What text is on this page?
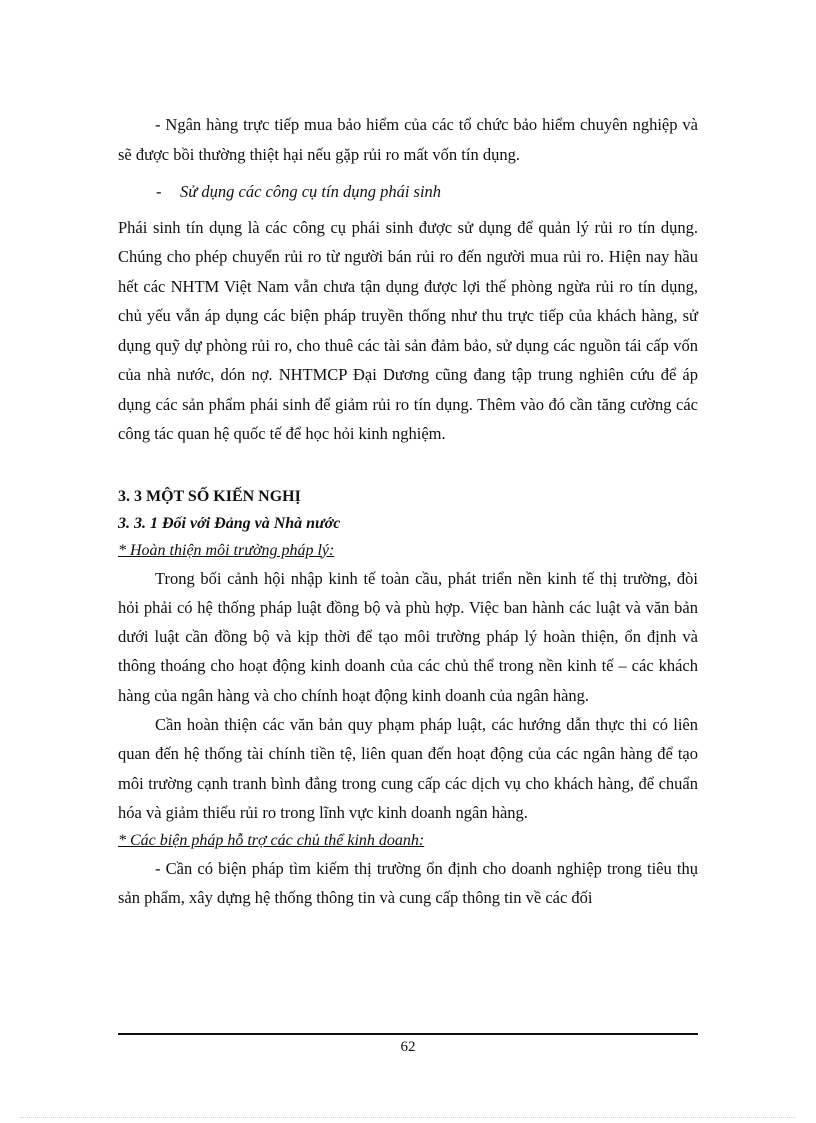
- Ngân hàng trực tiếp mua bảo hiểm của các tổ chức bảo hiểm chuyên nghiệp và sẽ được bồi thường thiệt hại nếu gặp rủi ro mất vốn tín dụng.

- Sử dụng các công cụ tín dụng phái sinh

Phái sinh tín dụng là các công cụ phái sinh được sử dụng để quản lý rủi ro tín dụng. Chúng cho phép chuyển rủi ro từ người bán rủi ro đến người mua rủi ro. Hiện nay hầu hết các NHTM Việt Nam vẫn chưa tận dụng được lợi thế phòng ngừa rủi ro tín dụng, chủ yếu vẫn áp dụng các biện pháp truyền thống như thu trực tiếp của khách hàng, sử dụng quỹ dự phòng rủi ro, cho thuê các tài sản đảm bảo, sử dụng các nguồn tái cấp vốn của nhà nước, dón nợ. NHTMCP Đại Dương cũng đang tập trung nghiên cứu để áp dụng các sản phẩm phái sinh để giảm rủi ro tín dụng. Thêm vào đó cần tăng cường các công tác quan hệ quốc tế để học hỏi kinh nghiệm.

3. 3 MỘT SỐ KIẾN NGHỊ
3. 3. 1 Đối với Đảng và Nhà nước
* Hoàn thiện môi trường pháp lý:

Trong bối cảnh hội nhập kinh tế toàn cầu, phát triển nền kinh tế thị trường, đòi hỏi phải có hệ thống pháp luật đồng bộ và phù hợp. Việc ban hành các luật và văn bản dưới luật cần đồng bộ và kịp thời để tạo môi trường pháp lý hoàn thiện, ổn định và thông thoáng cho hoạt động kinh doanh của các chủ thể trong nền kinh tế – các khách hàng của ngân hàng và cho chính hoạt động kinh doanh của ngân hàng.

Cần hoàn thiện các văn bản quy phạm pháp luật, các hướng dẫn thực thi có liên quan đến hệ thống tài chính tiền tệ, liên quan đến hoạt động của các ngân hàng để tạo môi trường cạnh tranh bình đẳng trong cung cấp các dịch vụ cho khách hàng, để chuẩn hóa và giảm thiểu rủi ro trong lĩnh vực kinh doanh ngân hàng.

* Các biện pháp hỗ trợ các chủ thể kinh doanh:

- Cần có biện pháp tìm kiếm thị trường ổn định cho doanh nghiệp trong tiêu thụ sản phẩm, xây dựng hệ thống thông tin và cung cấp thông tin về các đối

62
